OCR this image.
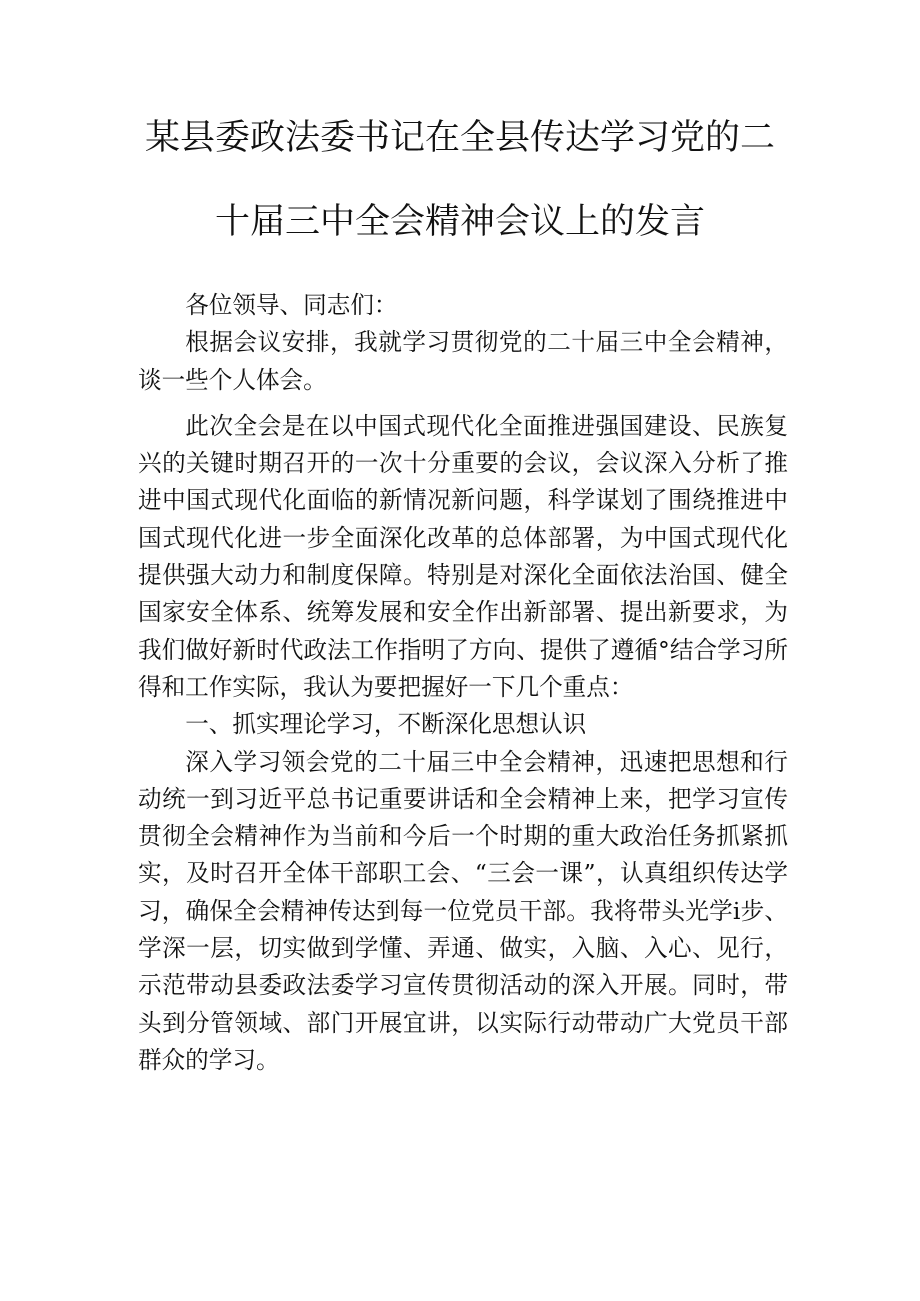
某县委政法委书记在全县传达学习党的二
十届三中全会精神会议上的发言

各位领导、同志们：

根据会议安排，我就学习贯彻党的二十届三中全会精神，谈一些个人体会。

此次全会是在以中国式现代化全面推进强国建设、民族复兴的关键时期召开的一次十分重要的会议，会议深入分析了推进中国式现代化面临的新情况新问题，科学谋划了围绕推进中国式现代化进一步全面深化改革的总体部署，为中国式现代化提供强大动力和制度保障。特别是对深化全面依法治国、健全国家安全体系、统筹发展和安全作出新部署、提出新要求，为我们做好新时代政法工作指明了方向、提供了遵循°结合学习所得和工作实际，我认为要把握好一下几个重点：

一、抓实理论学习，不断深化思想认识

深入学习领会党的二十届三中全会精神，迅速把思想和行动统一到习近平总书记重要讲话和全会精神上来，把学习宣传贯彻全会精神作为当前和今后一个时期的重大政治任务抓紧抓实，及时召开全体干部职工会、“三会一课”，认真组织传达学习，确保全会精神传达到每一位党员干部。我将带头光学i步、学深一层，切实做到学懂、弄通、做实，入脑、入心、见行，示范带动县委政法委学习宣传贯彻活动的深入开展。同时，带头到分管领域、部门开展宜讲，以实际行动带动广大党员干部群众的学习。
